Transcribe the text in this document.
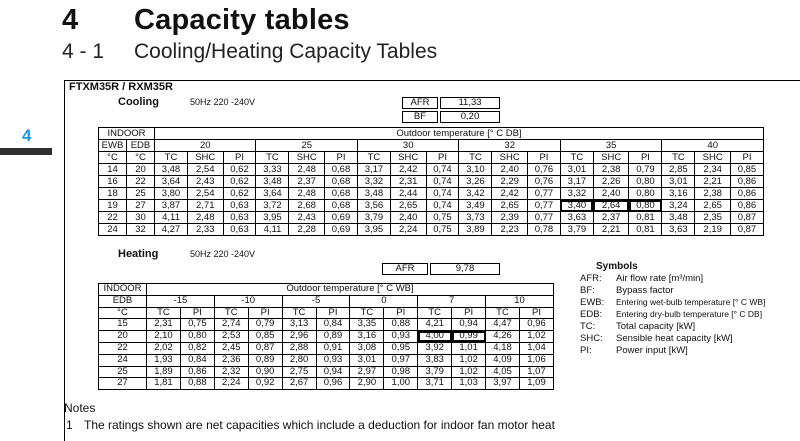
4 Capacity tables
4 - 1 Cooling/Heating Capacity Tables
4
FTXM35R / RXM35R
Cooling	50Hz 220 -240V	AFR	11,33
BF	0,20
INDOOR		Outdoor temperature [° C DB]																	
EWB	EDB	20			25			30			32			35			40		
°C	°C	TC	SHC	PI	TC	SHC	PI	TC	SHC	PI	TC	SHC	PI	TC	SHC	PI	TC	SHC	PI
14	20	3,48	2,54	0,62	3,33	2,48	0,68	3,17	2,42	0,74	3,10	2,40	0,76	3,01	2,38	0,79	2,85	2,34	0,85
16	22	3,64	2,43	0,62	3,48	2,37	0,68	3,32	2,31	0,74	3,26	2,29	0,76	3,17	2,26	0,80	3,01	2,21	0,86
18	25	3,80	2,54	0,62	3,64	2,48	0,68	3,48	2,44	0,74	3,42	2,42	0,77	3,32	2,40	0,80	3,16	2,38	0,86
19	27	3,87	2,71	0,63	3,72	2,68	0,68	3,56	2,65	0,74	3,49	2,65	0,77	3,40	2,64	0,80	3,24	2,65	0,86
22	30	4,11	2,48	0,63	3,95	2,43	0,69	3,79	2,40	0,75	3,73	2,39	0,77	3,63	2,37	0,81	3,48	2,35	0,87
24	32	4,27	2,33	0,63	4,11	2,28	0,69	3,95	2,24	0,75	3,89	2,23	0,78	3,79	2,21	0,81	3,63	2,19	0,87
Heating	50Hz 220 -240V
AFR	9,78
INDOOR	Outdoor temperature [° C WB]											
EDB	-15		-10		-5		0		7		10	
°C	TC	PI	TC	PI	TC	PI	TC	PI	TC	PI	TC	PI
15	2,31	0,75	2,74	0,79	3,13	0,84	3,35	0,88	4,21	0,94	4,47	0,96
20	2,10	0,80	2,53	0,85	2,96	0,89	3,16	0,93	4,00	0,99	4,26	1,02
22	2,02	0,82	2,45	0,87	2,88	0,91	3,08	0,95	3,92	1,01	4,18	1,04
24	1,93	0,84	2,36	0,89	2,80	0,93	3,01	0,97	3,83	1,02	4,09	1,06
25	1,89	0,86	2,32	0,90	2,75	0,94	2,97	0,98	3,79	1,02	4,05	1,07
27	1,81	0,88	2,24	0,92	2,67	0,96	2,90	1,00	3,71	1,03	3,97	1,09
Symbols
AFR: Air flow rate [m³/min]
BF: Bypass factor
EWB: Entering wet-bulb temperature [° C WB]
EDB: Entering dry-bulb temperature [° C DB]
TC: Total capacity [kW]
SHC: Sensible heat capacity [kW]
PI:	Power input [kW]
Notes
1 The ratings shown are net capacities which include a deduction for indoor fan motor heat
